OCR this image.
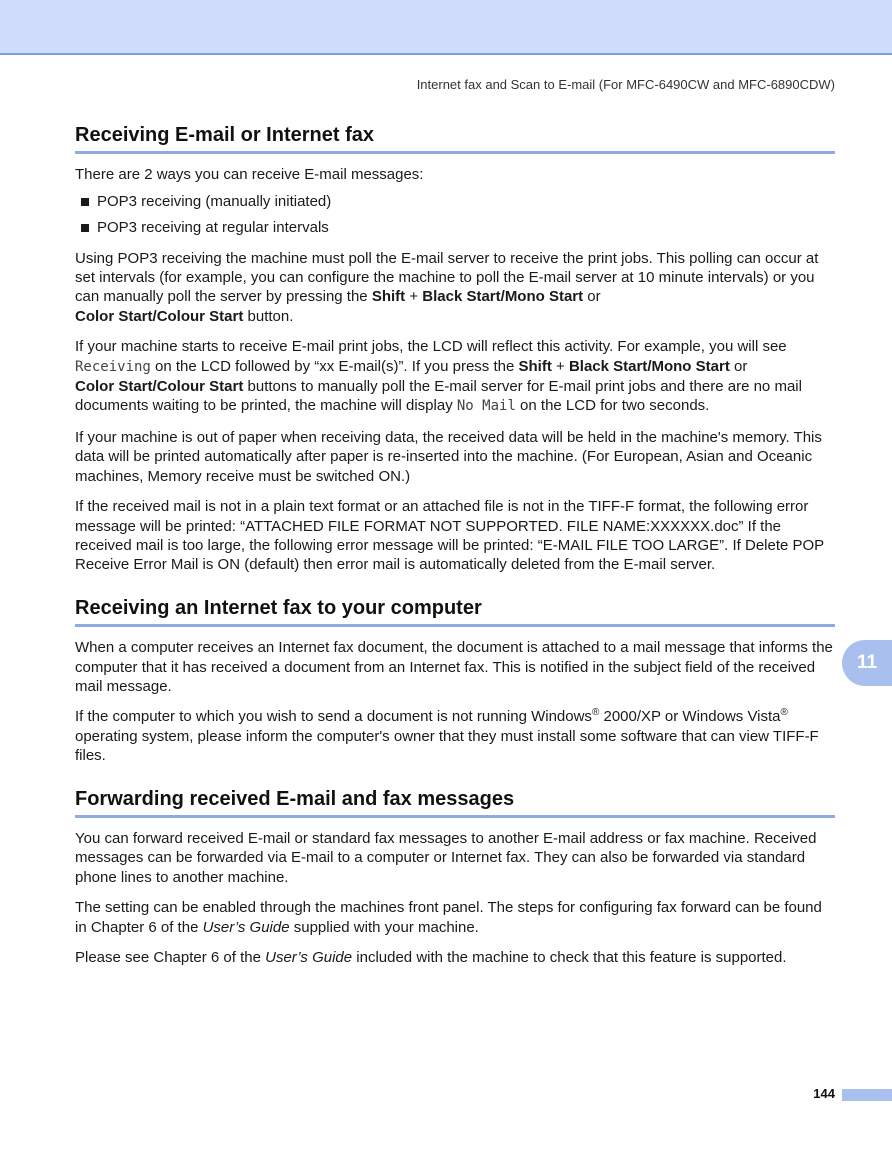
Internet fax and Scan to E-mail (For MFC-6490CW and MFC-6890CDW)
Receiving E-mail or Internet fax

There are 2 ways you can receive E-mail messages:

POP3 receiving (manually initiated)
POP3 receiving at regular intervals

Using POP3 receiving the machine must poll the E-mail server to receive the print jobs. This polling can occur at set intervals (for example, you can configure the machine to poll the E-mail server at 10 minute intervals) or you can manually poll the server by pressing the Shift + Black Start/Mono Start or
Color Start/Colour Start button.

If your machine starts to receive E-mail print jobs, the LCD will reflect this activity. For example, you will see Receiving on the LCD followed by “xx E-mail(s)”. If you press the Shift + Black Start/Mono Start or
Color Start/Colour Start buttons to manually poll the E-mail server for E-mail print jobs and there are no mail documents waiting to be printed, the machine will display No Mail on the LCD for two seconds.

If your machine is out of paper when receiving data, the received data will be held in the machine's memory. This data will be printed automatically after paper is re-inserted into the machine. (For European, Asian and Oceanic machines, Memory receive must be switched ON.)

If the received mail is not in a plain text format or an attached file is not in the TIFF-F format, the following error message will be printed: “ATTACHED FILE FORMAT NOT SUPPORTED. FILE NAME:XXXXXX.doc” If the received mail is too large, the following error message will be printed: “E-MAIL FILE TOO LARGE”. If Delete POP Receive Error Mail is ON (default) then error mail is automatically deleted from the E-mail server.

Receiving an Internet fax to your computer

When a computer receives an Internet fax document, the document is attached to a mail message that informs the computer that it has received a document from an Internet fax. This is notified in the subject field of the received mail message.

If the computer to which you wish to send a document is not running Windows® 2000/XP or Windows Vista® operating system, please inform the computer's owner that they must install some software that can view TIFF-F files.

Forwarding received E-mail and fax messages

You can forward received E-mail or standard fax messages to another E-mail address or fax machine. Received messages can be forwarded via E-mail to a computer or Internet fax. They can also be forwarded via standard phone lines to another machine.

The setting can be enabled through the machines front panel. The steps for configuring fax forward can be found in Chapter 6 of the User’s Guide supplied with your machine.

Please see Chapter 6 of the User’s Guide included with the machine to check that this feature is supported.

11
144
